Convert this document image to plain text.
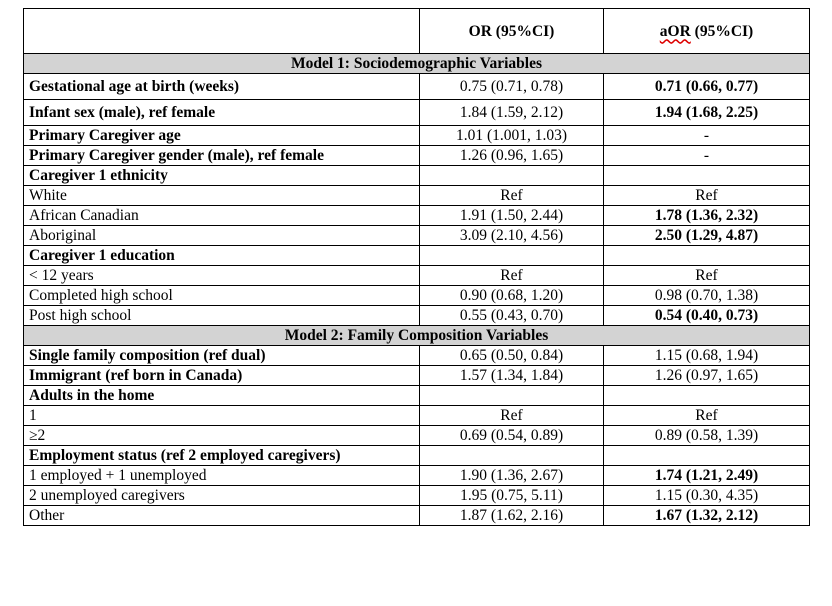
	OR (95%CI)	aOR (95%CI)
Model 1: Sociodemographic Variables		
Gestational age at birth (weeks)	0.75 (0.71, 0.78)	0.71 (0.66, 0.77)
Infant sex (male), ref female	1.84 (1.59, 2.12)	1.94 (1.68, 2.25)
Primary Caregiver age	1.01 (1.001, 1.03)	-
Primary Caregiver gender (male), ref female	1.26 (0.96, 1.65)	-
Caregiver 1 ethnicity		
White	Ref	Ref
African Canadian	1.91 (1.50, 2.44)	1.78 (1.36, 2.32)
Aboriginal	3.09 (2.10, 4.56)	2.50 (1.29, 4.87)
Caregiver 1 education		
< 12 years	Ref	Ref
Completed high school	0.90 (0.68, 1.20)	0.98 (0.70, 1.38)
Post high school	0.55 (0.43, 0.70)	0.54 (0.40, 0.73)
Model 2: Family Composition Variables		
Single family composition (ref dual)	0.65 (0.50, 0.84)	1.15 (0.68, 1.94)
Immigrant (ref born in Canada)	1.57 (1.34, 1.84)	1.26 (0.97, 1.65)
Adults in the home		
1	Ref	Ref
≥2	0.69 (0.54, 0.89)	0.89 (0.58, 1.39)
Employment status (ref 2 employed caregivers)		
1 employed + 1 unemployed	1.90 (1.36, 2.67)	1.74 (1.21, 2.49)
2 unemployed caregivers	1.95 (0.75, 5.11)	1.15 (0.30, 4.35)
Other	1.87 (1.62, 2.16)	1.67 (1.32, 2.12)
